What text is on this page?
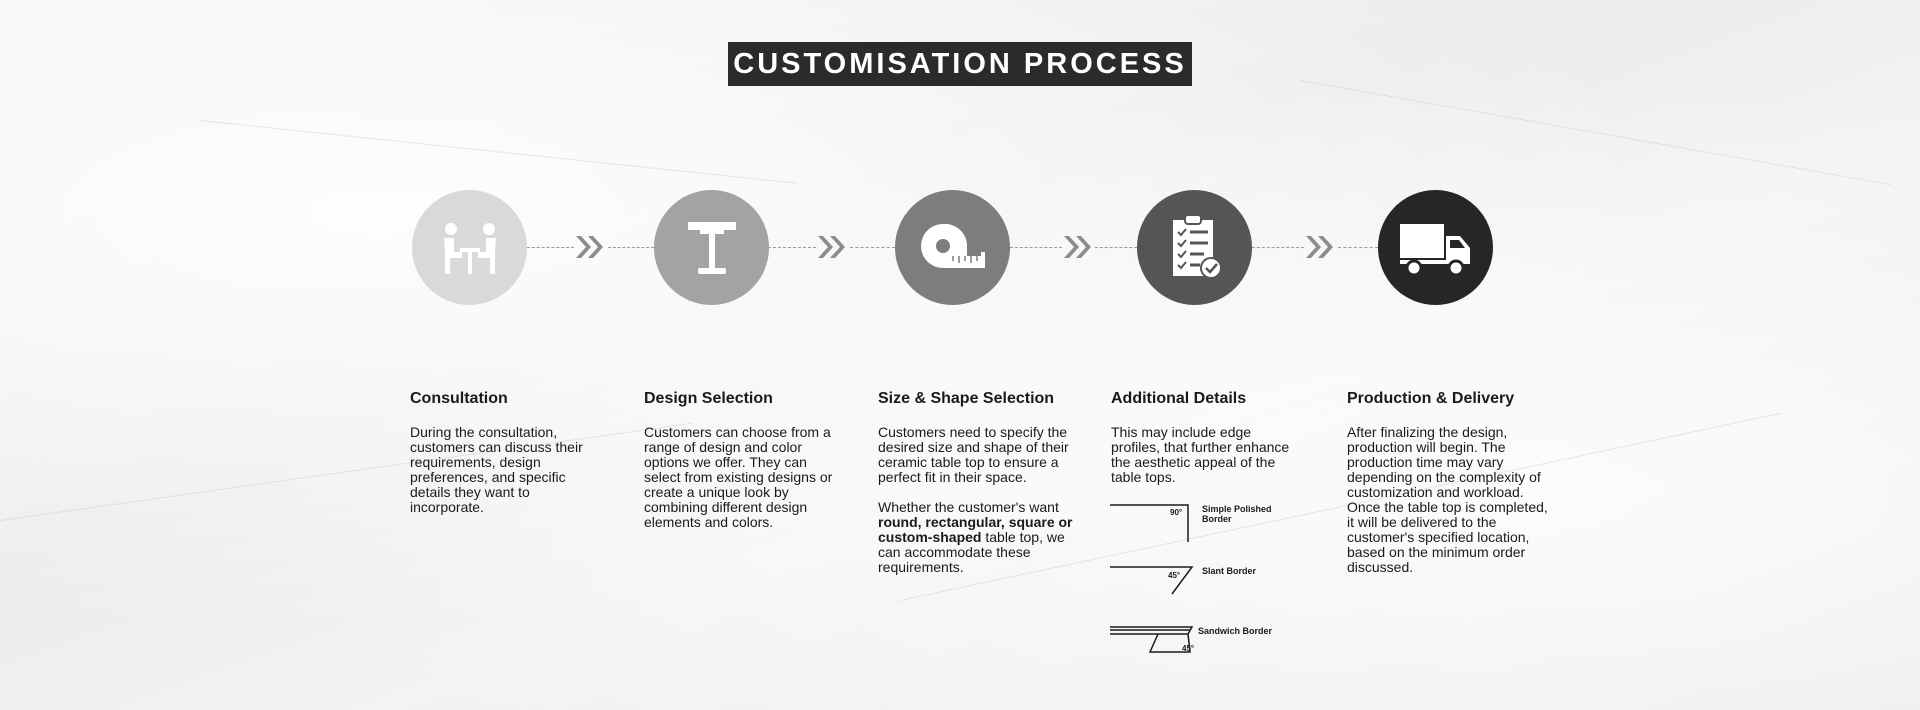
CUSTOMISATION PROCESS
Consultation

During the consultation, customers can discuss their requirements, design preferences, and specific details they want to incorporate.

Design Selection

Customers can choose from a range of design and color options we offer. They can select from existing designs or create a unique look by combining different design elements and colors.

Size & Shape Selection

Customers need to specify the desired size and shape of their ceramic table top to ensure a perfect fit in their space.

Whether the customer's want round, rectangular, square or custom-shaped table top, we can accommodate these requirements.

Additional Details

This may include edge profiles, that further enhance the aesthetic appeal of the table tops.

Production & Delivery

After finalizing the design, production will begin. The production time may vary depending on the complexity of customization and workload. Once the table top is completed, it will be delivered to the customer's specified location, based on the minimum order discussed.

90° Simple Polished Border
45° Slant Border
45°
Sandwich Border
